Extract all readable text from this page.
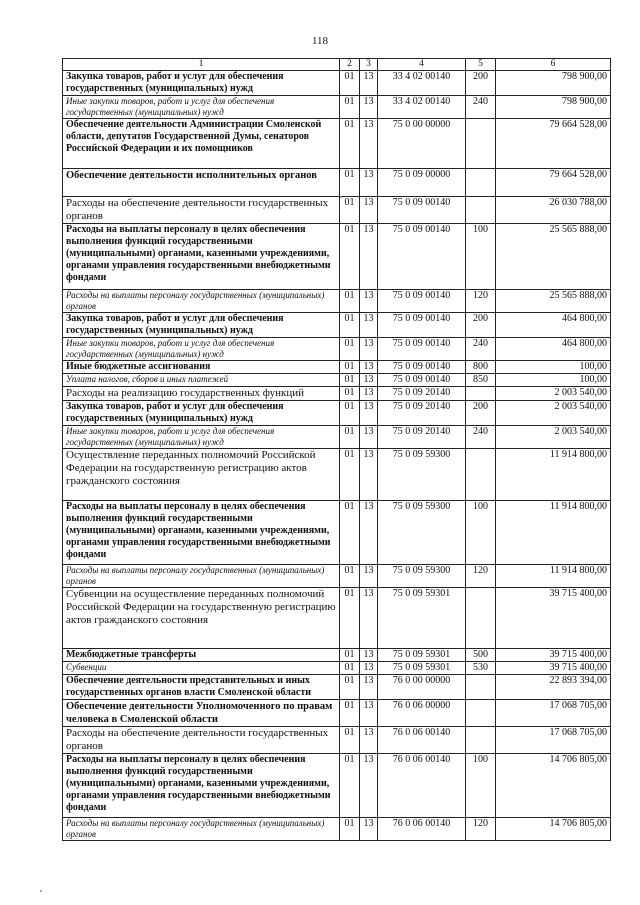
118
1	2	3	4	5	6
Закупка товаров, работ и услуг для обеспечения государственных (муниципальных) нужд	01	13	33 4 02 00140	200	798 900,00
Иные закупки товаров, работ и услуг для обеспечения государственных (муниципальных) нужд	01	13	33 4 02 00140	240	798 900,00
Обеспечение деятельности Администрации Смоленской области, депутатов Государственной Думы, сенаторов Российской Федерации и их помощников	01	13	75 0 00 00000		79 664 528,00
Обеспечение деятельности исполнительных органов	01	13	75 0 09 00000		79 664 528,00
Расходы на обеспечение деятельности государственных органов	01	13	75 0 09 00140		26 030 788,00
Расходы на выплаты персоналу в целях обеспечения выполнения функций государственными (муниципальными) органами, казенными учреждениями, органами управления государственными внебюджетными фондами	01	13	75 0 09 00140	100	25 565 888,00
Расходы на выплаты персоналу государственных (муниципальных) органов	01	13	75 0 09 00140	120	25 565 888,00
Закупка товаров, работ и услуг для обеспечения государственных (муниципальных) нужд	01	13	75 0 09 00140	200	464 800,00
Иные закупки товаров, работ и услуг для обеспечения государственных (муниципальных) нужд	01	13	75 0 09 00140	240	464 800,00
Иные бюджетные ассигнования	01	13	75 0 09 00140	800	100,00
Уплата налогов, сборов и иных платежей	01	13	75 0 09 00140	850	100,00
Расходы на реализацию государственных функций	01	13	75 0 09 20140		2 003 540,00
Закупка товаров, работ и услуг для обеспечения государственных (муниципальных) нужд	01	13	75 0 09 20140	200	2 003 540,00
Иные закупки товаров, работ и услуг для обеспечения государственных (муниципальных) нужд	01	13	75 0 09 20140	240	2 003 540,00
Осуществление переданных полномочий Российской Федерации на государственную регистрацию актов гражданского состояния	01	13	75 0 09 59300		11 914 800,00
Расходы на выплаты персоналу в целях обеспечения выполнения функций государственными (муниципальными) органами, казенными учреждениями, органами управления государственными внебюджетными фондами	01	13	75 0 09 59300	100	11 914 800,00
Расходы на выплаты персоналу государственных (муниципальных) органов	01	13	75 0 09 59300	120	11 914 800,00
Субвенции на осуществление переданных полномочий Российской Федерации на государственную регистрацию актов гражданского состояния	01	13	75 0 09 59301		39 715 400,00
Межбюджетные трансферты	01	13	75 0 09 59301	500	39 715 400,00
Субвенции	01	13	75 0 09 59301	530	39 715 400,00
Обеспечение деятельности представительных и иных государственных органов власти Смоленской области	01	13	76 0 00 00000		22 893 394,00
Обеспечение деятельности Уполномоченного по правам человека в Смоленской области	01	13	76 0 06 00000		17 068 705,00
Расходы на обеспечение деятельности государственных органов	01	13	76 0 06 00140		17 068 705,00
Расходы на выплаты персоналу в целях обеспечения выполнения функций государственными (муниципальными) органами, казенными учреждениями, органами управления государственными внебюджетными фондами	01	13	76 0 06 00140	100	14 706 805,00
Расходы на выплаты персоналу государственных (муниципальных) органов	01	13	76 0 06 00140	120	14 706 805,00
